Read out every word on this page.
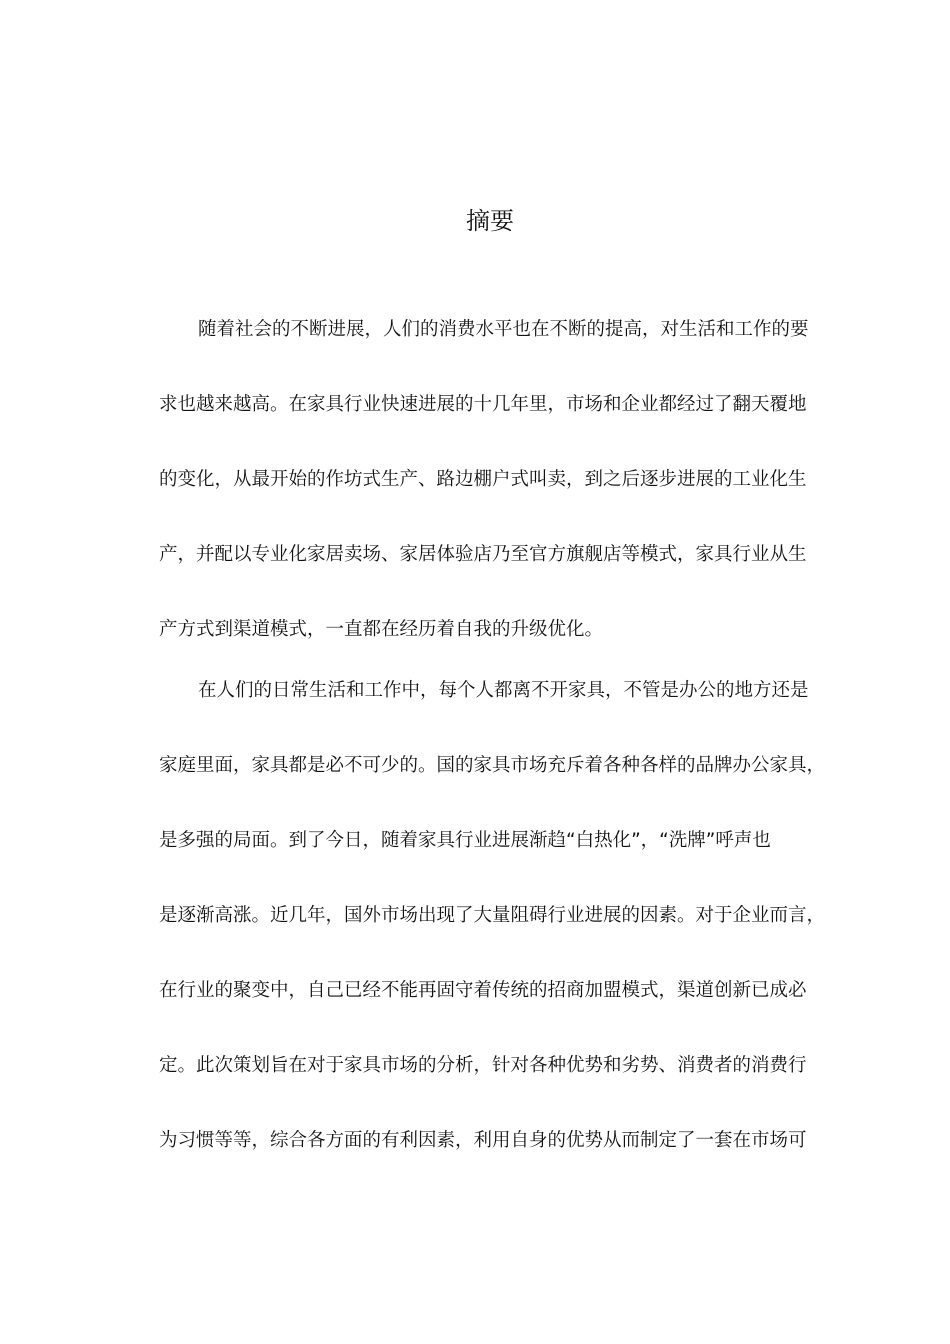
摘要

随着社会的不断进展，人们的消费水平也在不断的提高，对生活和工作的要

求也越来越高。在家具行业快速进展的十几年里，市场和企业都经过了翻天覆地

的变化，从最开始的作坊式生产、路边棚户式叫卖，到之后逐步进展的工业化生

产，并配以专业化家居卖场、家居体验店乃至官方旗舰店等模式，家具行业从生

产方式到渠道模式，一直都在经历着自我的升级优化。

在人们的日常生活和工作中，每个人都离不开家具，不管是办公的地方还是

家庭里面，家具都是必不可少的。国的家具市场充斥着各种各样的品牌办公家具，

是多强的局面。到了今日，随着家具行业进展渐趋“白热化”，“洗牌”呼声也

是逐渐高涨。近几年，国外市场出现了大量阻碍行业进展的因素。对于企业而言，

在行业的聚变中，自己已经不能再固守着传统的招商加盟模式，渠道创新已成必

定。此次策划旨在对于家具市场的分析，针对各种优势和劣势、消费者的消费行

为习惯等等，综合各方面的有利因素，利用自身的优势从而制定了一套在市场可
